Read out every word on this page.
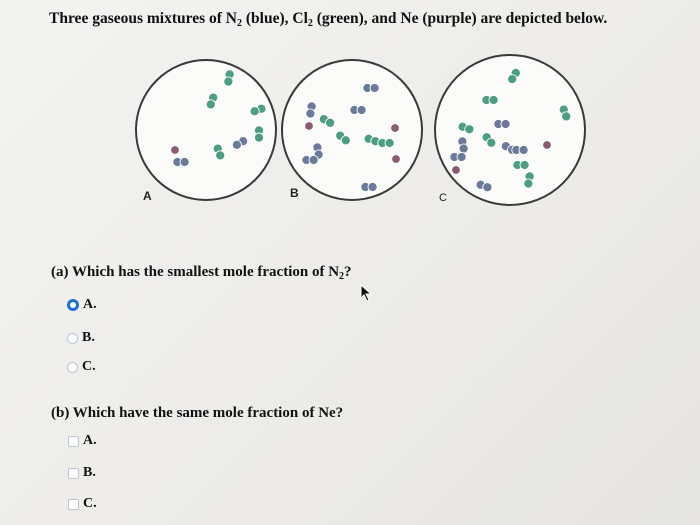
Three gaseous mixtures of $N_2$ (blue), $Cl_2$ (green), and Ne (purple) are depicted below.
A	B	C
(a) Which has the smallest mole fraction of $N_2$?
A.
B.
C.
(b) Which have the same mole fraction of Ne?
A.
B.
C.
